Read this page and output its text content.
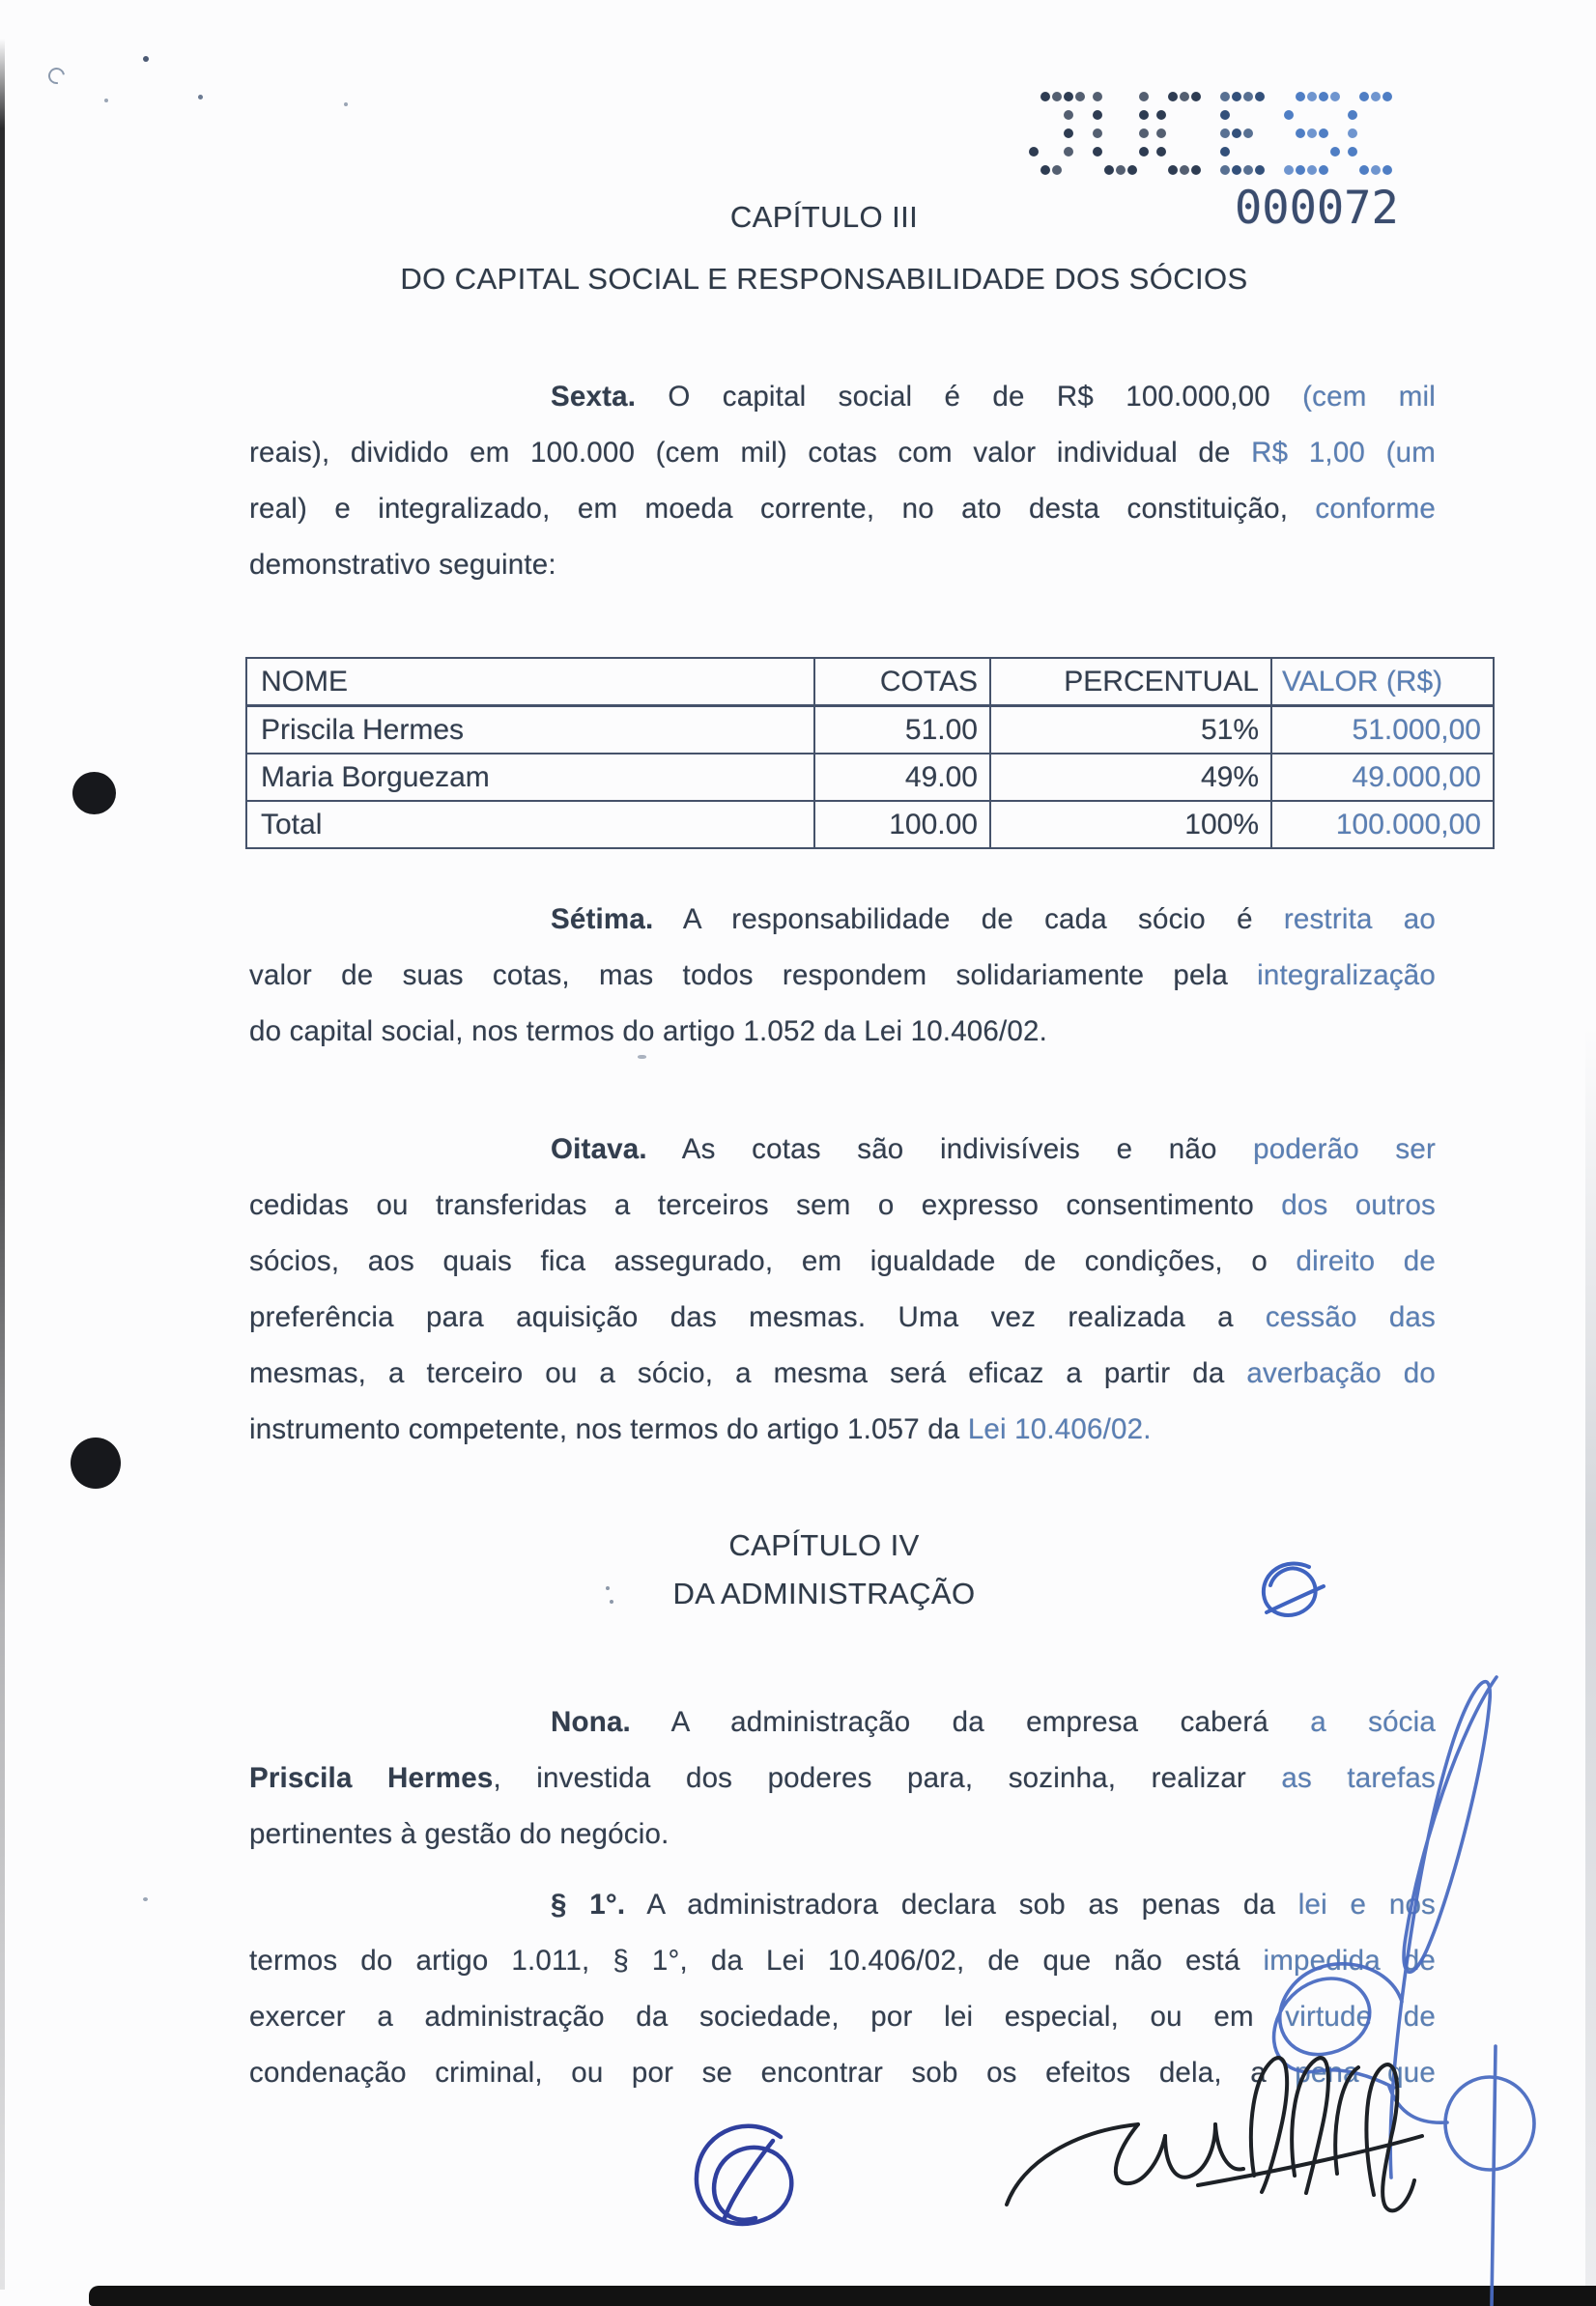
000072
CAPÍTULO III
DO CAPITAL SOCIAL E RESPONSABILIDADE DOS SÓCIOS
Sexta. O capital social é de R$ 100.000,00 (cem mil
reais), dividido em 100.000 (cem mil) cotas com valor individual de R$ 1,00 (um
real) e integralizado, em moeda corrente, no ato desta constituição, conforme
demonstrativo seguinte:
NOME	COTAS	PERCENTUAL	VALOR (R$)
Priscila Hermes	51.00	51%	51.000,00
Maria Borguezam	49.00	49%	49.000,00
Total	100.00	100%	100.000,00
Sétima. A responsabilidade de cada sócio é restrita ao
valor de suas cotas, mas todos respondem solidariamente pela integralização
do capital social, nos termos do artigo 1.052 da Lei 10.406/02.
Oitava. As cotas são indivisíveis e não poderão ser
cedidas ou transferidas a terceiros sem o expresso consentimento dos outros
sócios, aos quais fica assegurado, em igualdade de condições, o direito de
preferência para aquisição das mesmas. Uma vez realizada a cessão das
mesmas, a terceiro ou a sócio, a mesma será eficaz a partir da averbação do
instrumento competente, nos termos do artigo 1.057 da Lei 10.406/02.
CAPÍTULO IV
DA ADMINISTRAÇÃO
Nona. A administração da empresa caberá a sócia
Priscila Hermes, investida dos poderes para, sozinha, realizar as tarefas
pertinentes à gestão do negócio.
§ 1°. A administradora declara sob as penas da lei e nos
termos do artigo 1.011, § 1°, da Lei 10.406/02, de que não está impedida de
exercer a administração da sociedade, por lei especial, ou em virtude de
condenação criminal, ou por se encontrar sob os efeitos dela, a pena que
